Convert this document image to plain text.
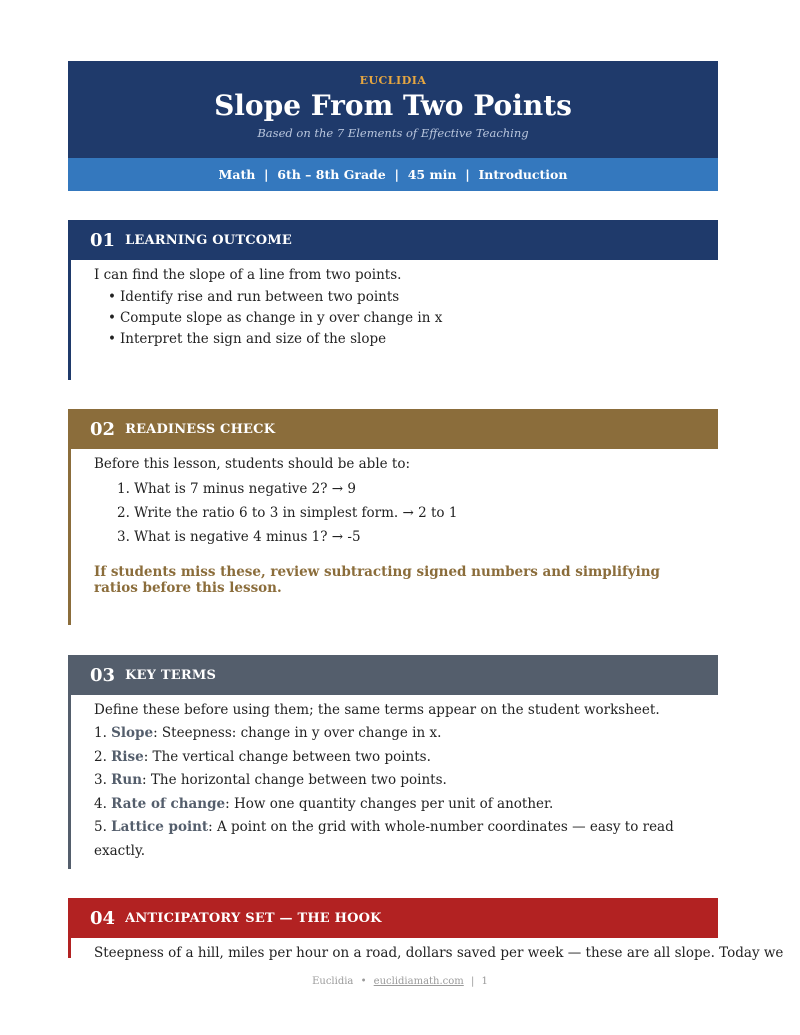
EUCLIDIA
Slope From Two Points
Based on the 7 Elements of Effective Teaching
Math  |  6th – 8th Grade  |  45 min  |  Introduction
01 LEARNING OUTCOME
I can find the slope of a line from two points.
• Identify rise and run between two points
• Compute slope as change in y over change in x
• Interpret the sign and size of the slope
02 READINESS CHECK
Before this lesson, students should be able to:
1. What is 7 minus negative 2? → 9
2. Write the ratio 6 to 3 in simplest form. → 2 to 1
3. What is negative 4 minus 1? → -5
If students miss these, review subtracting signed numbers and simplifying ratios before this lesson.
03 KEY TERMS
Define these before using them; the same terms appear on the student worksheet.
1. Slope: Steepness: change in y over change in x.
2. Rise: The vertical change between two points.
3. Run: The horizontal change between two points.
4. Rate of change: How one quantity changes per unit of another.
5. Lattice point: A point on the grid with whole-number coordinates — easy to read exactly.
04 ANTICIPATORY SET — THE HOOK
Steepness of a hill, miles per hour on a road, dollars saved per week — these are all slope. Today we
Euclidia • euclidiamath.com | 1
